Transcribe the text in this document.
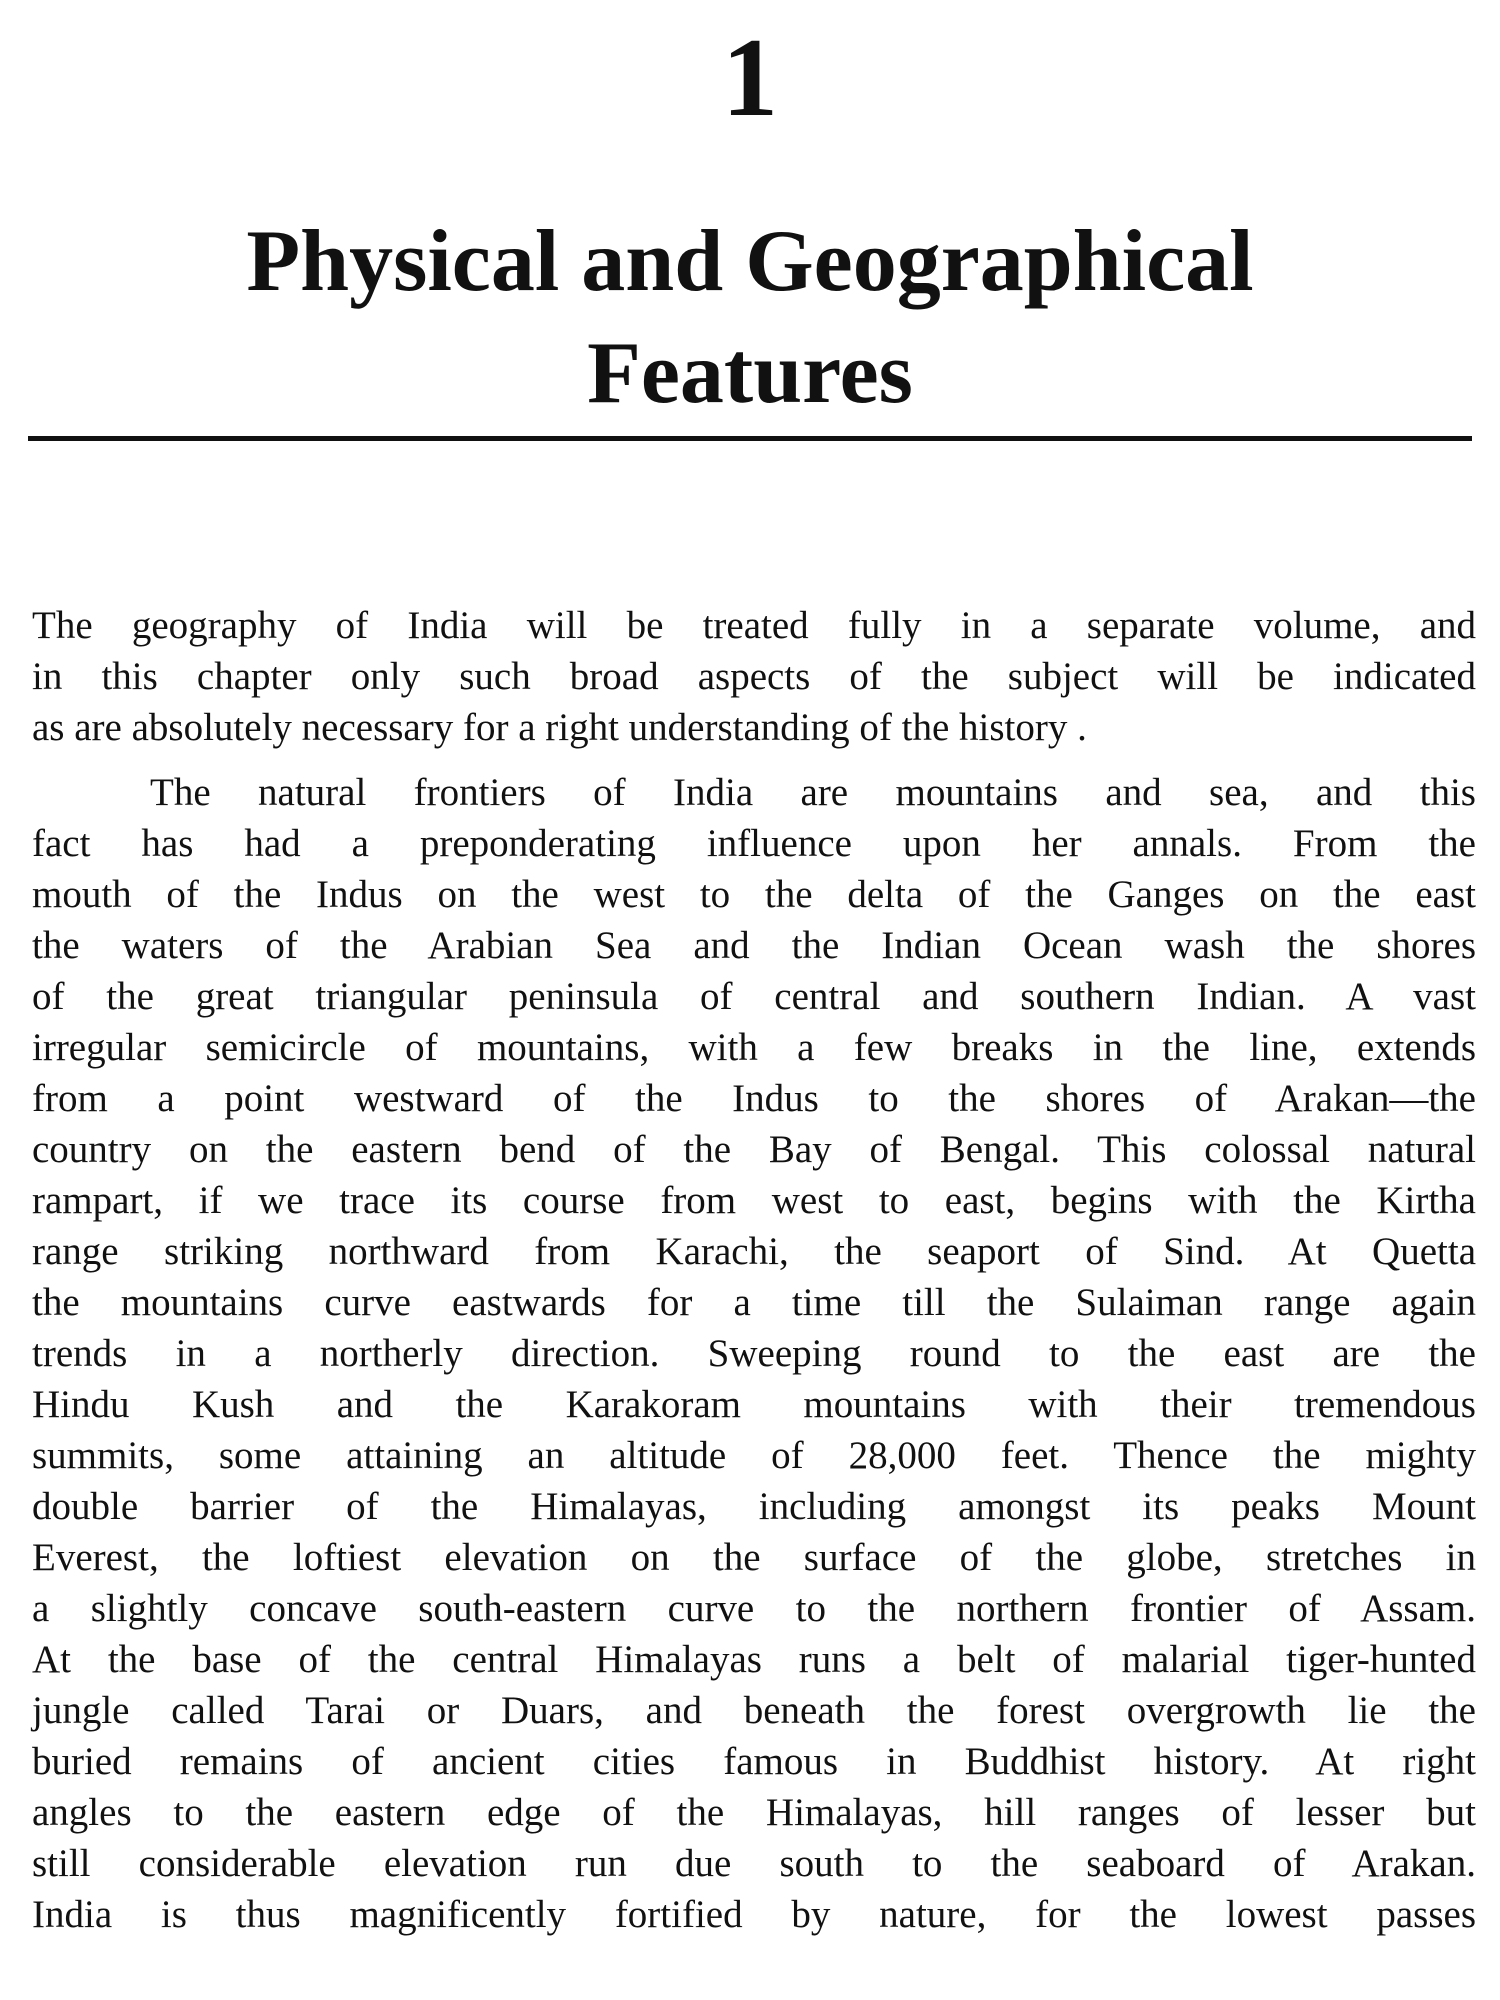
1
Physical and Geographical
Features

The geography of India will be treated fully in a separate volume, and

in this chapter only such broad aspects of the subject will be indicated

as are absolutely necessary for a right understanding of the history .

The natural frontiers of India are mountains and sea, and this

fact has had a preponderating influence upon her annals. From the

mouth of the Indus on the west to the delta of the Ganges on the east

the waters of the Arabian Sea and the Indian Ocean wash the shores

of the great triangular peninsula of central and southern Indian. A vast

irregular semicircle of mountains, with a few breaks in the line, extends

from a point westward of the Indus to the shores of Arakan—the

country on the eastern bend of the Bay of Bengal. This colossal natural

rampart, if we trace its course from west to east, begins with the Kirtha

range striking northward from Karachi, the seaport of Sind. At Quetta

the mountains curve eastwards for a time till the Sulaiman range again

trends in a northerly direction. Sweeping round to the east are the

Hindu Kush and the Karakoram mountains with their tremendous

summits, some attaining an altitude of 28,000 feet. Thence the mighty

double barrier of the Himalayas, including amongst its peaks Mount

Everest, the loftiest elevation on the surface of the globe, stretches in

a slightly concave south-eastern curve to the northern frontier of Assam.

At the base of the central Himalayas runs a belt of malarial tiger-hunted

jungle called Tarai or Duars, and beneath the forest overgrowth lie the

buried remains of ancient cities famous in Buddhist history. At right

angles to the eastern edge of the Himalayas, hill ranges of lesser but

still considerable elevation run due south to the seaboard of Arakan.

India is thus magnificently fortified by nature, for the lowest passes
